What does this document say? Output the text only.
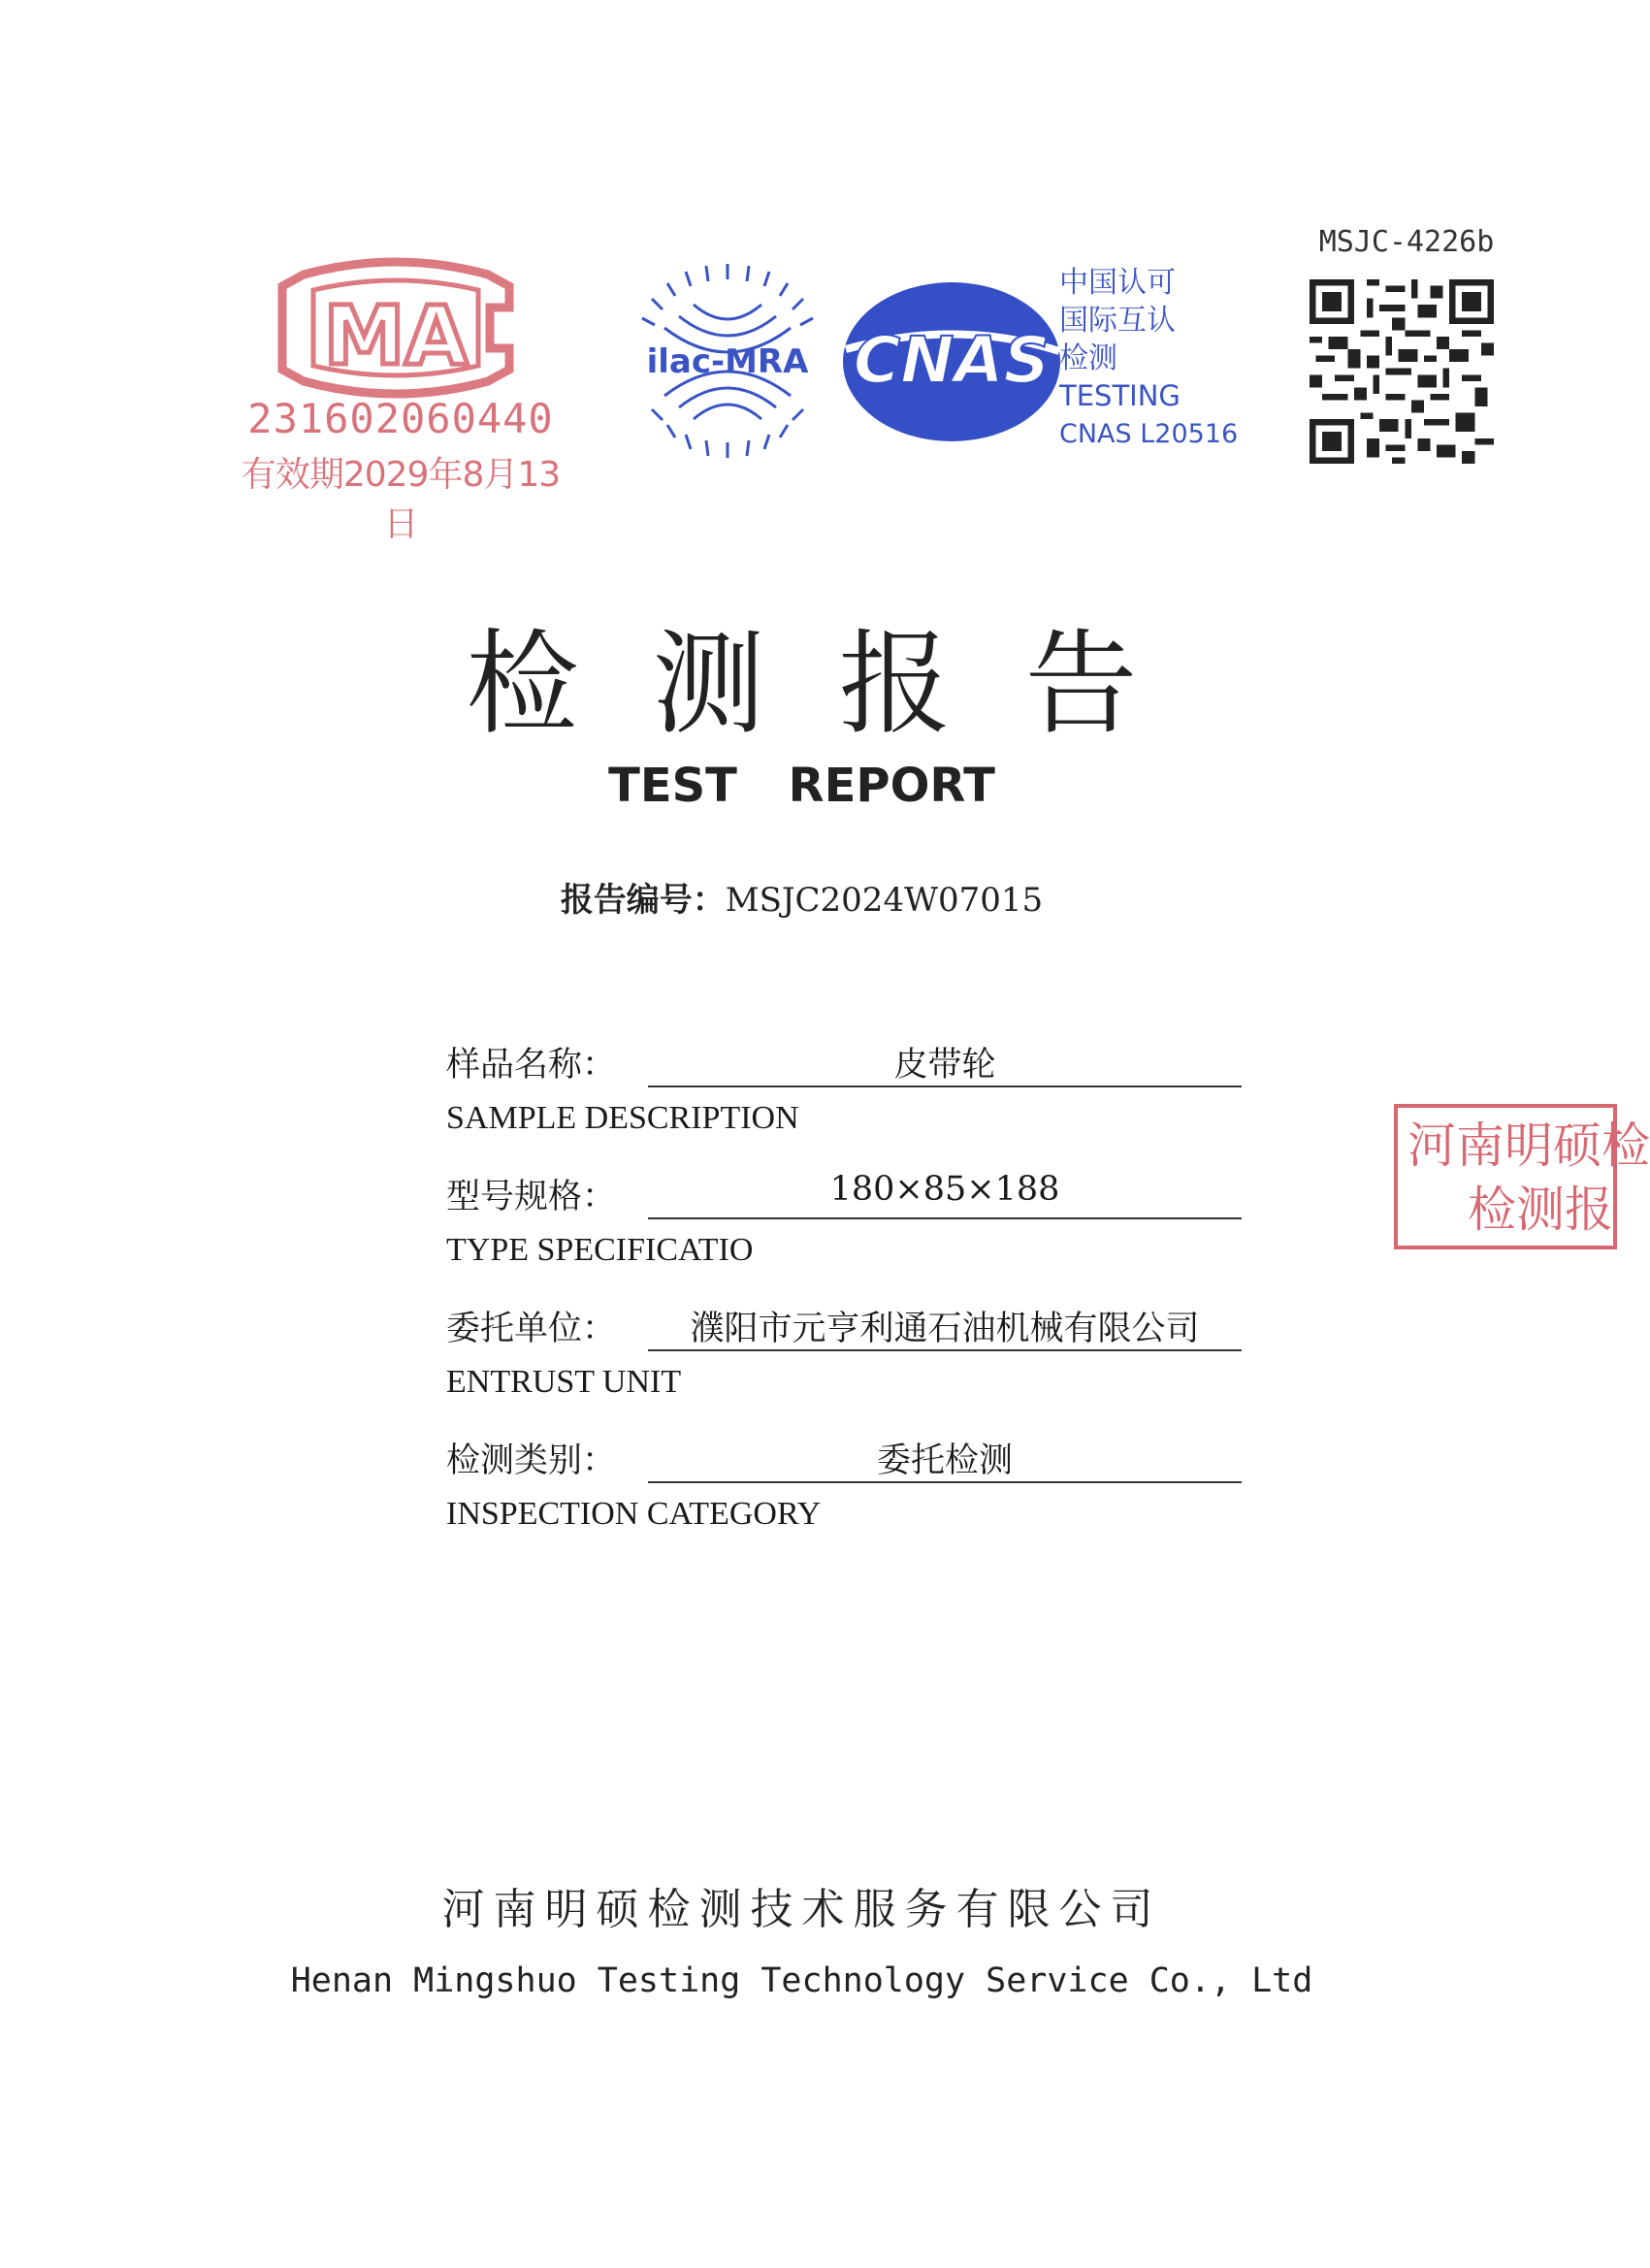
MA
231602060440
有效期2029年8月13日
ilac-MRA CNAS
中国认可
国际互认
检测
TESTING
CNAS L20516
MSJC-4226b
检测报告
TEST REPORT
报告编号：MSJC2024W07015
样品名称：	皮带轮
SAMPLE DESCRIPTION
型号规格：	180×85×188
TYPE SPECIFICATIO
委托单位：	濮阳市元亨利通石油机械有限公司
ENTRUST UNIT
检测类别：	委托检测
INSPECTION CATEGORY
河南明硕检
检测报
河南明硕检测技术服务有限公司
Henan Mingshuo Testing Technology Service Co., Ltd
